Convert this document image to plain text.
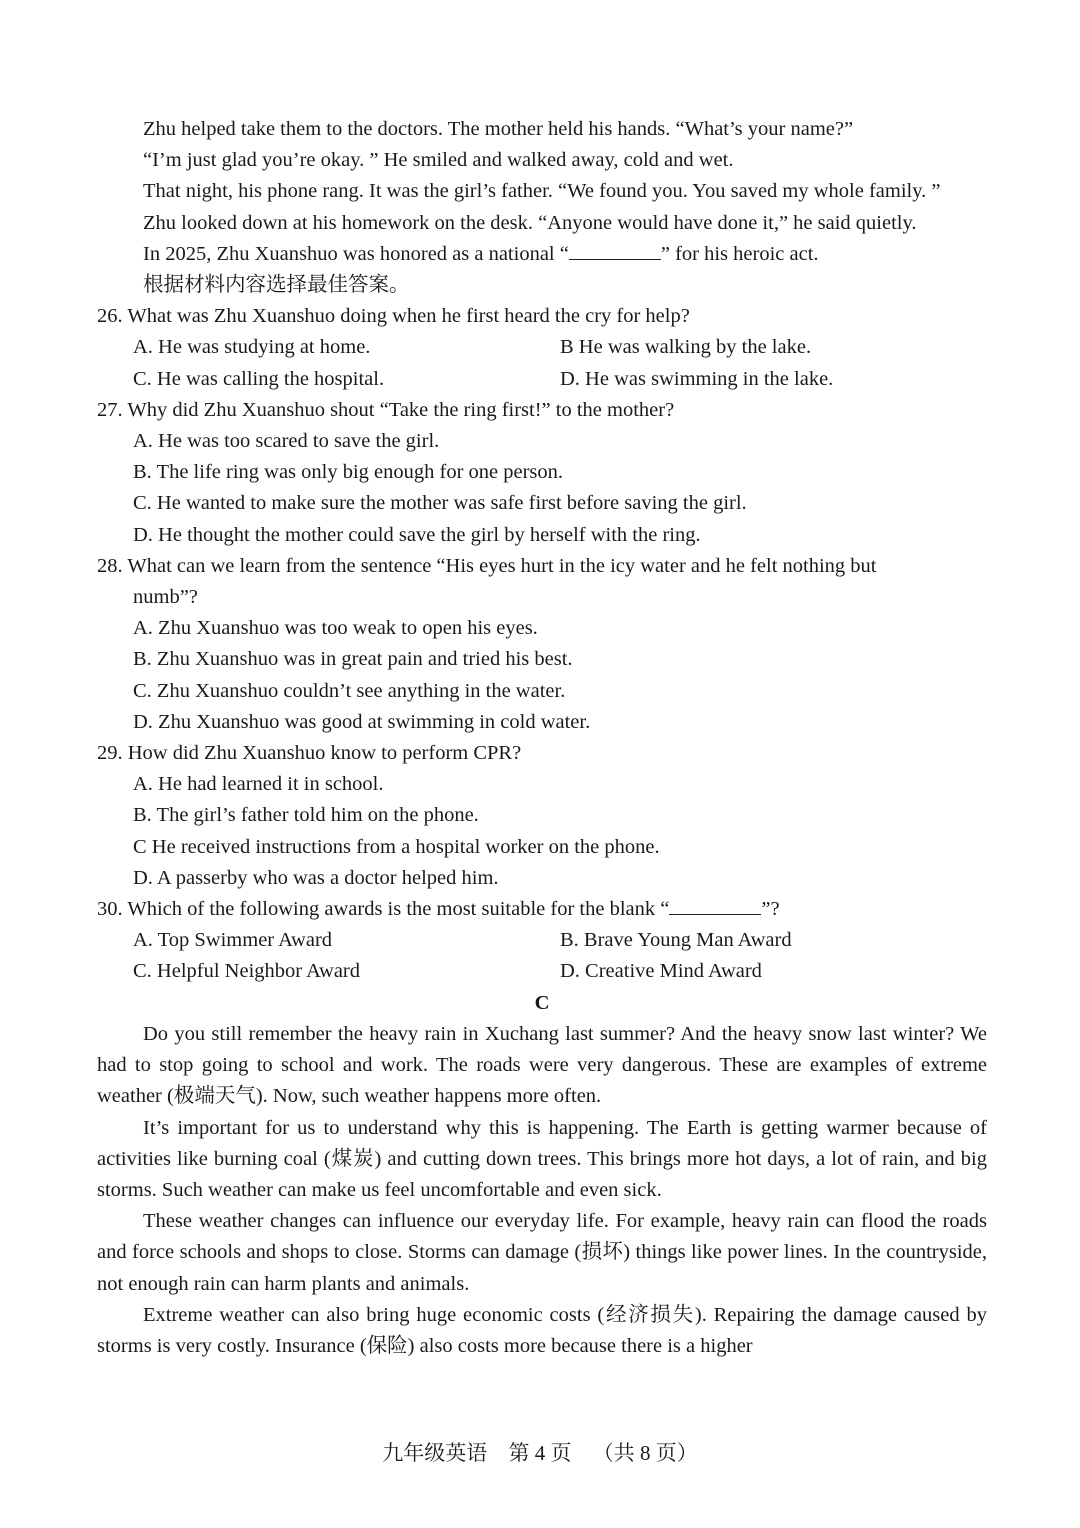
Zhu helped take them to the doctors. The mother held his hands. “What’s your name?”

“I’m just glad you’re okay. ” He smiled and walked away, cold and wet.

That night, his phone rang. It was the girl’s father. “We found you. You saved my whole family. ”

Zhu looked down at his homework on the desk. “Anyone would have done it,” he said quietly.

In 2025, Zhu Xuanshuo was honored as a national “	” for his heroic act.

根据材料内容选择最佳答案。

26. What was Zhu Xuanshuo doing when he first heard the cry for help?

A. He was studying at home.	B He was walking by the lake.
C. He was calling the hospital.	D. He was swimming in the lake.

27. Why did Zhu Xuanshuo shout “Take the ring first!” to the mother?

A. He was too scared to save the girl.

B. The life ring was only big enough for one person.

C. He wanted to make sure the mother was safe first before saving the girl.

D. He thought the mother could save the girl by herself with the ring.

28. What can we learn from the sentence “His eyes hurt in the icy water and he felt nothing but

numb”?

A. Zhu Xuanshuo was too weak to open his eyes.

B. Zhu Xuanshuo was in great pain and tried his best.

C. Zhu Xuanshuo couldn’t see anything in the water.

D. Zhu Xuanshuo was good at swimming in cold water.

29. How did Zhu Xuanshuo know to perform CPR?

A. He had learned it in school.

B. The girl’s father told him on the phone.

C He received instructions from a hospital worker on the phone.

D. A passerby who was a doctor helped him.

30. Which of the following awards is the most suitable for the blank “	”?

A. Top Swimmer Award	B. Brave Young Man Award
C. Helpful Neighbor Award	D. Creative Mind Award

C

Do you still remember the heavy rain in Xuchang last summer? And the heavy snow last winter? We had to stop going to school and work. The roads were very dangerous. These are examples of extreme weather (极端天气). Now, such weather happens more often.

It’s important for us to understand why this is happening. The Earth is getting warmer because of activities like burning coal (煤炭) and cutting down trees. This brings more hot days, a lot of rain, and big storms. Such weather can make us feel uncomfortable and even sick.

These weather changes can influence our everyday life. For example, heavy rain can flood the roads and force schools and shops to close. Storms can damage (损坏) things like power lines. In the countryside, not enough rain can harm plants and animals.

Extreme weather can also bring huge economic costs (经济损失). Repairing the damage caused by storms is very costly. Insurance (保险) also costs more because there is a higher

九年级英语 第 4 页 （共 8 页）
